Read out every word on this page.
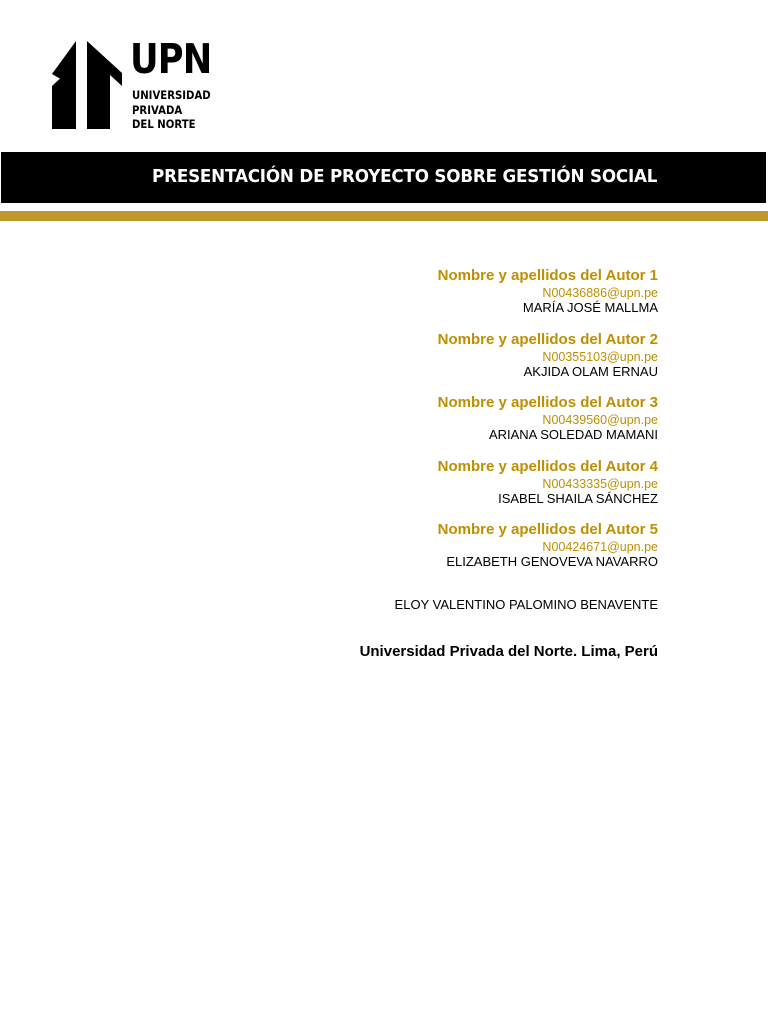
UPN
UNIVERSIDAD
PRIVADA
DEL NORTE
PRESENTACIÓN DE PROYECTO SOBRE GESTIÓN SOCIAL
Nombre y apellidos del Autor 1
N00436886@upn.pe
MARÍA JOSÉ MALLMA
Nombre y apellidos del Autor 2
N00355103@upn.pe
AKJIDA OLAM ERNAU
Nombre y apellidos del Autor 3
N00439560@upn.pe
ARIANA SOLEDAD MAMANI
Nombre y apellidos del Autor 4
N00433335@upn.pe
ISABEL SHAILA SÁNCHEZ
Nombre y apellidos del Autor 5
N00424671@upn.pe
ELIZABETH GENOVEVA NAVARRO
ELOY VALENTINO PALOMINO BENAVENTE
Universidad Privada del Norte. Lima, Perú
